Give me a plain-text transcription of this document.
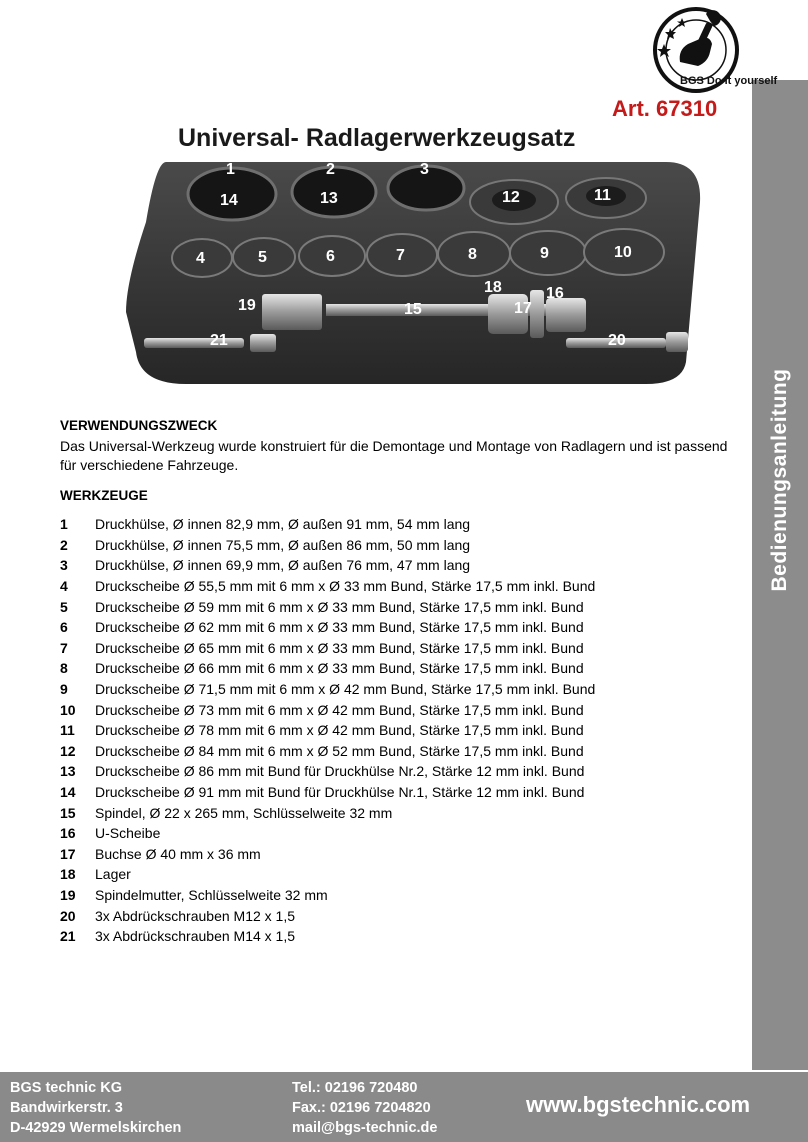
Bedienungsanleitung
BGS Do it yourself
Art. 67310
Universal- Radlagerwerkzeugsatz
1	2	3
14	13	12	11
4	5	6	7	8	9	10
19	15
18	16
17
21	20
VERWENDUNGSZWECK
Das Universal-Werkzeug wurde konstruiert für die Demontage und Montage von Radlagern und ist passend für verschiedene Fahrzeuge.
WERKZEUGE
1	Druckhülse, Ø innen 82,9 mm, Ø außen 91 mm, 54 mm lang
2	Druckhülse, Ø innen 75,5 mm, Ø außen 86 mm, 50 mm lang
3	Druckhülse, Ø innen 69,9 mm, Ø außen 76 mm, 47 mm lang
4	Druckscheibe Ø 55,5 mm mit 6 mm x Ø 33 mm Bund, Stärke 17,5 mm inkl. Bund
5	Druckscheibe Ø 59 mm mit 6 mm x Ø 33 mm Bund, Stärke 17,5 mm inkl. Bund
6	Druckscheibe Ø 62 mm mit 6 mm x Ø 33 mm Bund, Stärke 17,5 mm inkl. Bund
7	Druckscheibe Ø 65 mm mit 6 mm x Ø 33 mm Bund, Stärke 17,5 mm inkl. Bund
8	Druckscheibe Ø 66 mm mit 6 mm x Ø 33 mm Bund, Stärke 17,5 mm inkl. Bund
9	Druckscheibe Ø 71,5 mm mit 6 mm x Ø 42 mm Bund, Stärke 17,5 mm inkl. Bund
10	Druckscheibe Ø 73 mm mit 6 mm x Ø 42 mm Bund, Stärke 17,5 mm inkl. Bund
11	Druckscheibe Ø 78 mm mit 6 mm x Ø 42 mm Bund, Stärke 17,5 mm inkl. Bund
12	Druckscheibe Ø 84 mm mit 6 mm x Ø 52 mm Bund, Stärke 17,5 mm inkl. Bund
13	Druckscheibe Ø 86 mm mit Bund für Druckhülse Nr.2, Stärke 12 mm inkl. Bund
14	Druckscheibe Ø 91 mm mit Bund für Druckhülse Nr.1, Stärke 12 mm inkl. Bund
15	Spindel, Ø 22 x 265 mm, Schlüsselweite 32 mm
16	U-Scheibe
17	Buchse Ø 40 mm x 36 mm
18	Lager
19	Spindelmutter, Schlüsselweite 32 mm
20	3x Abdrückschrauben M12 x 1,5
21	3x Abdrückschrauben M14 x 1,5
BGS technic KG
Bandwirkerstr. 3
D-42929 Wermelskirchen
Tel.: 02196 720480
Fax.: 02196 7204820
mail@bgs-technic.de
www.bgstechnic.com
